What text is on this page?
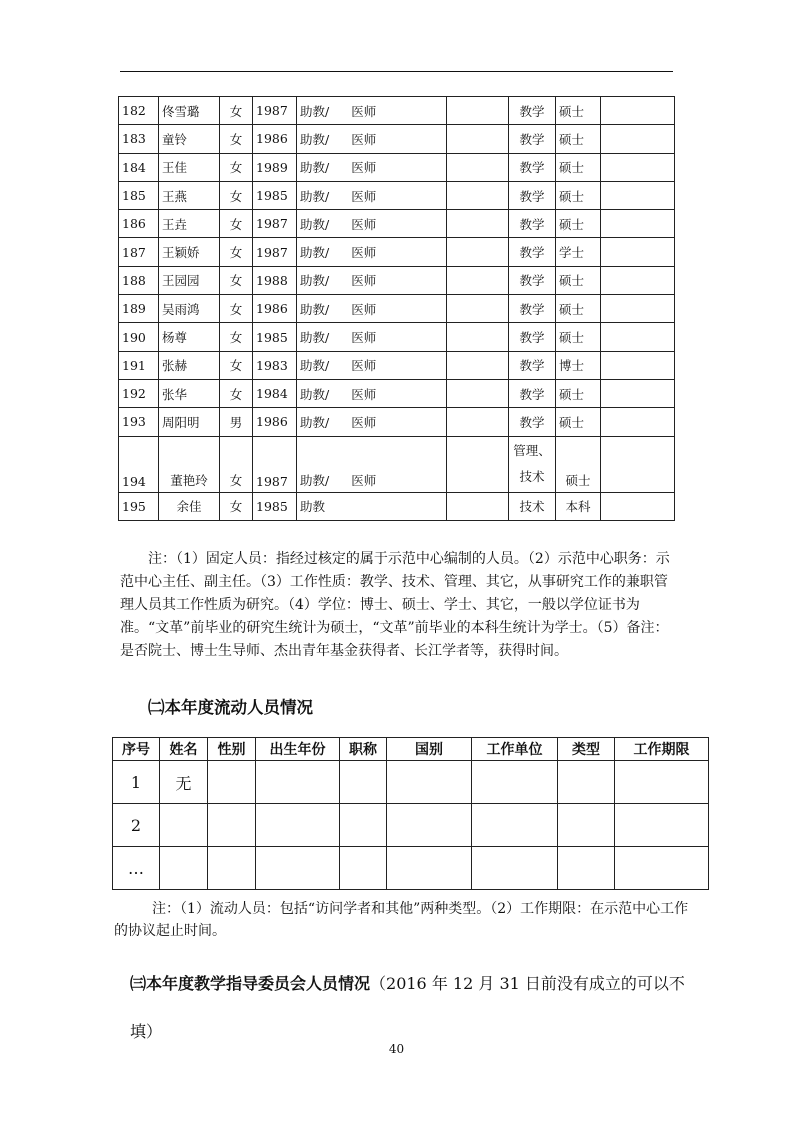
182	佟雪璐	女	1987	助教/ 医师		教学	硕士	
183	童铃	女	1986	助教/ 医师		教学	硕士	
184	王佳	女	1989	助教/ 医师		教学	硕士	
185	王燕	女	1985	助教/ 医师		教学	硕士	
186	王垚	女	1987	助教/ 医师		教学	硕士	
187	王颖娇	女	1987	助教/ 医师		教学	学士	
188	王园园	女	1988	助教/ 医师		教学	硕士	
189	吴雨鸿	女	1986	助教/ 医师		教学	硕士	
190	杨尊	女	1985	助教/ 医师		教学	硕士	
191	张赫	女	1983	助教/ 医师		教学	博士	
192	张华	女	1984	助教/ 医师		教学	硕士	
193	周阳明	男	1986	助教/ 医师		教学	硕士	
194	董艳玲	女	1987	助教/ 医师		管理、
技术	硕士	
195	余佳	女	1985	助教		技术	本科	

注：（1）固定人员：指经过核定的属于示范中心编制的人员。（2）示范中心职务：示范中心主任、副主任。（3）工作性质：教学、技术、管理、其它，从事研究工作的兼职管理人员其工作性质为研究。（4）学位：博士、硕士、学士、其它，一般以学位证书为准。“文革”前毕业的研究生统计为硕士，“文革”前毕业的本科生统计为学士。（5）备注：是否院士、博士生导师、杰出青年基金获得者、长江学者等，获得时间。

㈡本年度流动人员情况
序号	姓名	性别	出生年份	职称	国别	工作单位	类型	工作期限
1	无							
2								
…								

注：（1）流动人员：包括“访问学者和其他”两种类型。（2）工作期限：在示范中心工作的协议起止时间。

㈢本年度教学指导委员会人员情况（2016 年 12 月 31 日前没有成立的可以不填）

40
